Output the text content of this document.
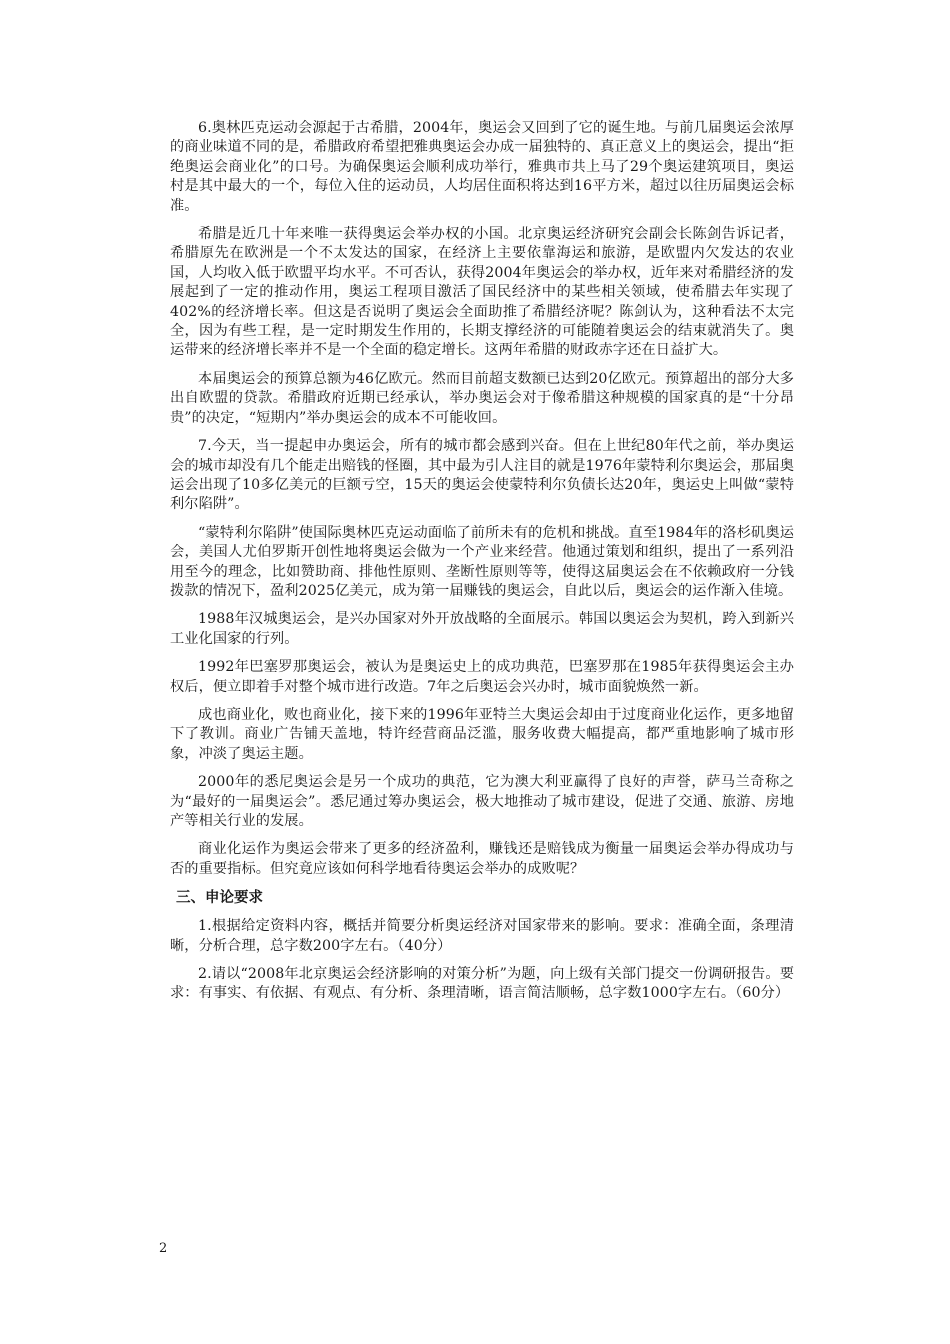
6.奥林匹克运动会源起于古希腊，2004年，奥运会又回到了它的诞生地。与前几届奥运会浓厚的商业味道不同的是，希腊政府希望把雅典奥运会办成一届独特的、真正意义上的奥运会，提出“拒绝奥运会商业化”的口号。为确保奥运会顺利成功举行，雅典市共上马了29个奥运建筑项目，奥运村是其中最大的一个，每位入住的运动员，人均居住面积将达到16平方米，超过以往历届奥运会标准。

希腊是近几十年来唯一获得奥运会举办权的小国。北京奥运经济研究会副会长陈剑告诉记者，希腊原先在欧洲是一个不太发达的国家，在经济上主要依靠海运和旅游，是欧盟内欠发达的农业国，人均收入低于欧盟平均水平。不可否认，获得2004年奥运会的举办权，近年来对希腊经济的发展起到了一定的推动作用，奥运工程项目激活了国民经济中的某些相关领域，使希腊去年实现了402%的经济增长率。但这是否说明了奥运会全面助推了希腊经济呢？陈剑认为，这种看法不太完全，因为有些工程，是一定时期发生作用的，长期支撑经济的可能随着奥运会的结束就消失了。奥运带来的经济增长率并不是一个全面的稳定增长。这两年希腊的财政赤字还在日益扩大。

本届奥运会的预算总额为46亿欧元。然而目前超支数额已达到20亿欧元。预算超出的部分大多出自欧盟的贷款。希腊政府近期已经承认，举办奥运会对于像希腊这种规模的国家真的是“十分昂贵”的决定，“短期内”举办奥运会的成本不可能收回。

7.今天，当一提起申办奥运会，所有的城市都会感到兴奋。但在上世纪80年代之前，举办奥运会的城市却没有几个能走出赔钱的怪圈，其中最为引人注目的就是1976年蒙特利尔奥运会，那届奥运会出现了10多亿美元的巨额亏空，15天的奥运会使蒙特利尔负债长达20年，奥运史上叫做“蒙特利尔陷阱”。

“蒙特利尔陷阱”使国际奥林匹克运动面临了前所未有的危机和挑战。直至1984年的洛杉矶奥运会，美国人尤伯罗斯开创性地将奥运会做为一个产业来经营。他通过策划和组织，提出了一系列沿用至今的理念，比如赞助商、排他性原则、垄断性原则等等，使得这届奥运会在不依赖政府一分钱拨款的情况下，盈利2025亿美元，成为第一届赚钱的奥运会，自此以后，奥运会的运作渐入佳境。

1988年汉城奥运会，是兴办国家对外开放战略的全面展示。韩国以奥运会为契机，跨入到新兴工业化国家的行列。

1992年巴塞罗那奥运会，被认为是奥运史上的成功典范，巴塞罗那在1985年获得奥运会主办权后，便立即着手对整个城市进行改造。7年之后奥运会兴办时，城市面貌焕然一新。

成也商业化，败也商业化，接下来的1996年亚特兰大奥运会却由于过度商业化运作，更多地留下了教训。商业广告铺天盖地，特许经营商品泛滥，服务收费大幅提高，都严重地影响了城市形象，冲淡了奥运主题。

2000年的悉尼奥运会是另一个成功的典范，它为澳大利亚赢得了良好的声誉，萨马兰奇称之为“最好的一届奥运会”。悉尼通过筹办奥运会，极大地推动了城市建设，促进了交通、旅游、房地产等相关行业的发展。

商业化运作为奥运会带来了更多的经济盈利，赚钱还是赔钱成为衡量一届奥运会举办得成功与否的重要指标。但究竟应该如何科学地看待奥运会举办的成败呢？

三、申论要求

1.根据给定资料内容，概括并简要分析奥运经济对国家带来的影响。要求：准确全面，条理清晰，分析合理，总字数200字左右。（40分）

2.请以“2008年北京奥运会经济影响的对策分析”为题，向上级有关部门提交一份调研报告。要求：有事实、有依据、有观点、有分析、条理清晰，语言简洁顺畅，总字数1000字左右。（60分）

2
